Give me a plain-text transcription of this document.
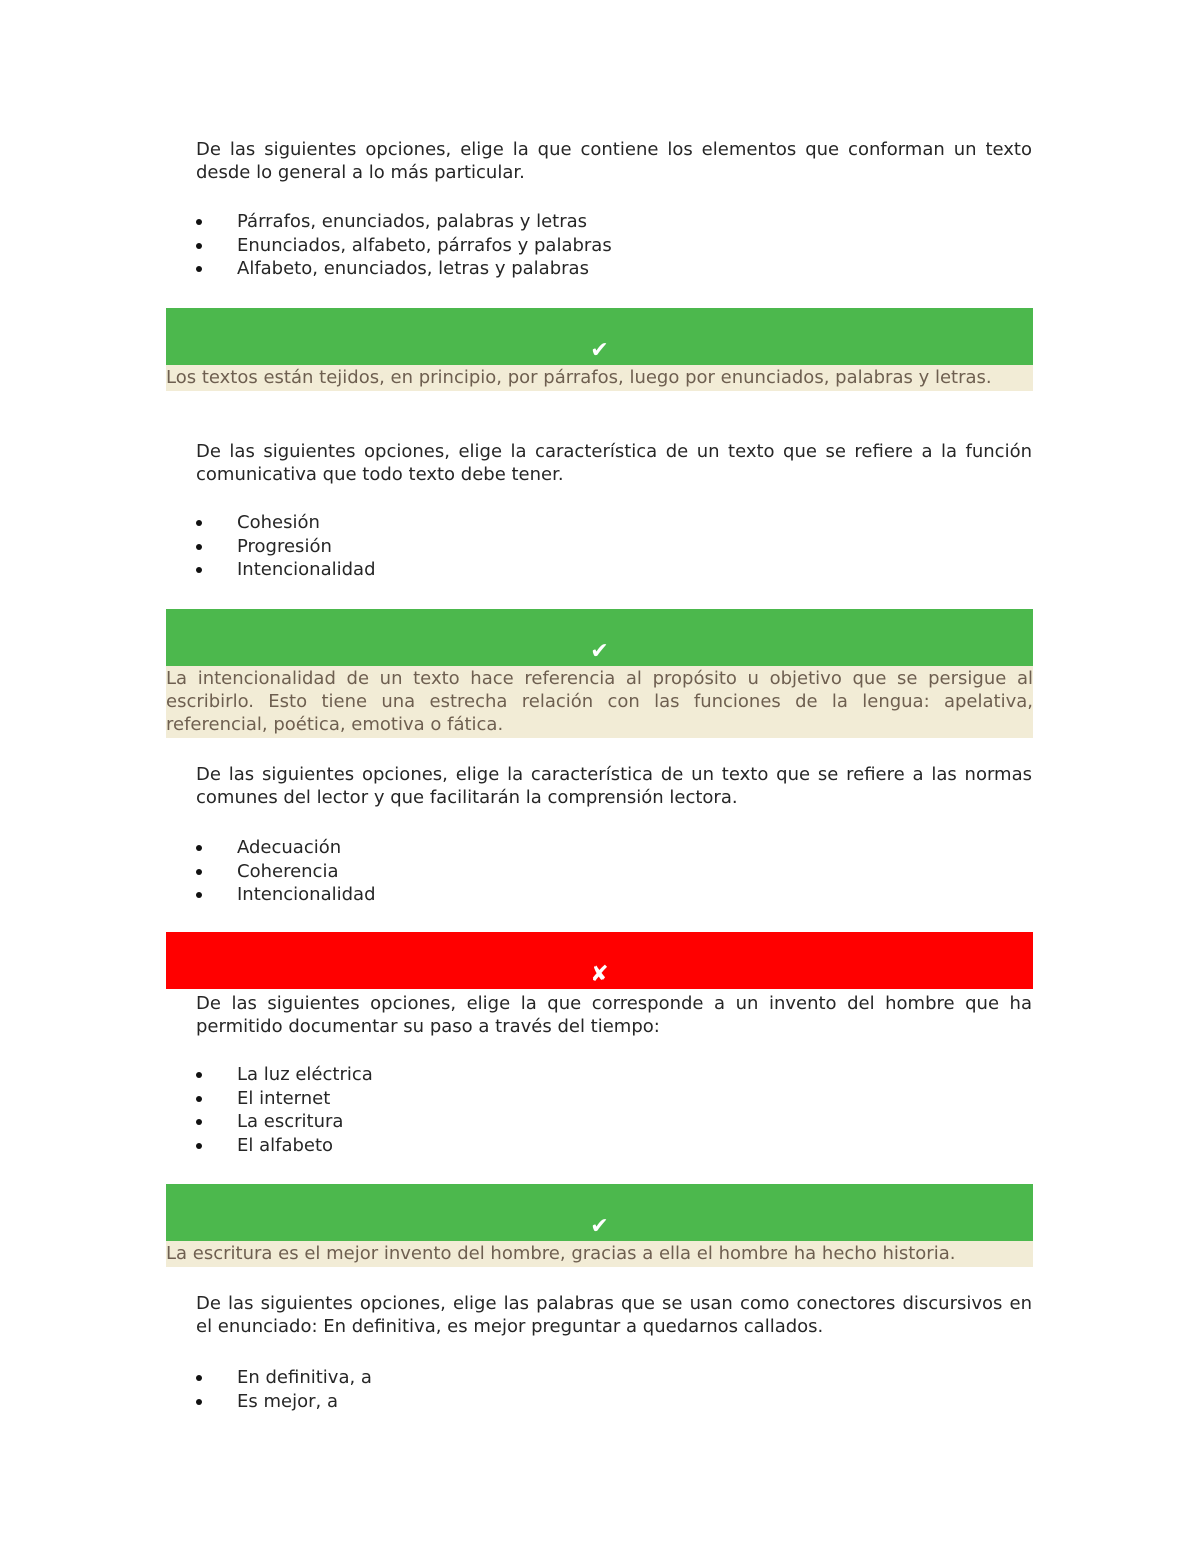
De las siguientes opciones, elige la que contiene los elementos que conforman un texto desde lo general a lo más particular.

Párrafos, enunciados, palabras y letras
Enunciados, alfabeto, párrafos y palabras
Alfabeto, enunciados, letras y palabras
✔
Los textos están tejidos, en principio, por párrafos, luego por enunciados, palabras y letras.

De las siguientes opciones, elige la característica de un texto que se refiere a la función comunicativa que todo texto debe tener.

Cohesión
Progresión
Intencionalidad
✔
La intencionalidad de un texto hace referencia al propósito u objetivo que se persigue al escribirlo. Esto tiene una estrecha relación con las funciones de la lengua: apelativa, referencial, poética, emotiva o fática.

De las siguientes opciones, elige la característica de un texto que se refiere a las normas comunes del lector y que facilitarán la comprensión lectora.

Adecuación
Coherencia
Intencionalidad
✘

De las siguientes opciones, elige la que corresponde a un invento del hombre que ha permitido documentar su paso a través del tiempo:

La luz eléctrica
El internet
La escritura
El alfabeto
✔
La escritura es el mejor invento del hombre, gracias a ella el hombre ha hecho historia.

De las siguientes opciones, elige las palabras que se usan como conectores discursivos en el enunciado: En definitiva, es mejor preguntar a quedarnos callados.

En definitiva, a
Es mejor, a
